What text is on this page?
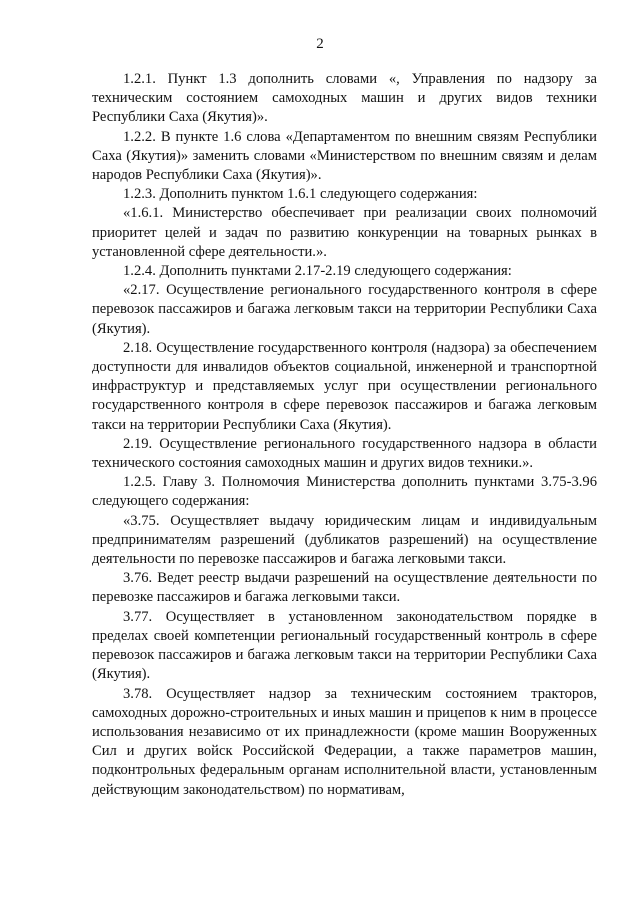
2

1.2.1. Пункт 1.3 дополнить словами «, Управления по надзору за техническим состоянием самоходных машин и других видов техники Республики Саха (Якутия)».

1.2.2. В пункте 1.6 слова «Департаментом по внешним связям Республики Саха (Якутия)» заменить словами «Министерством по внешним связям и делам народов Республики Саха (Якутия)».

1.2.3. Дополнить пунктом 1.6.1 следующего содержания:

«1.6.1. Министерство обеспечивает при реализации своих полномочий приоритет целей и задач по развитию конкуренции на товарных рынках в установленной сфере деятельности.».

1.2.4. Дополнить пунктами 2.17-2.19 следующего содержания:

«2.17. Осуществление регионального государственного контроля в сфере перевозок пассажиров и багажа легковым такси на территории Республики Саха (Якутия).

2.18. Осуществление государственного контроля (надзора) за обеспечением доступности для инвалидов объектов социальной, инженерной и транспортной инфраструктур и представляемых услуг при осуществлении регионального государственного контроля в сфере перевозок пассажиров и багажа легковым такси на территории Республики Саха (Якутия).

2.19. Осуществление регионального государственного надзора в области технического состояния самоходных машин и других видов техники.».

1.2.5. Главу 3. Полномочия Министерства дополнить пунктами 3.75-3.96 следующего содержания:

«3.75. Осуществляет выдачу юридическим лицам и индивидуальным предпринимателям разрешений (дубликатов разрешений) на осуществление деятельности по перевозке пассажиров и багажа легковыми такси.

3.76. Ведет реестр выдачи разрешений на осуществление деятельности по перевозке пассажиров и багажа легковыми такси.

3.77. Осуществляет в установленном законодательством порядке в пределах своей компетенции региональный государственный контроль в сфере перевозок пассажиров и багажа легковым такси на территории Республики Саха (Якутия).

3.78. Осуществляет надзор за техническим состоянием тракторов, самоходных дорожно-строительных и иных машин и прицепов к ним в процессе использования независимо от их принадлежности (кроме машин Вооруженных Сил и других войск Российской Федерации, а также параметров машин, подконтрольных федеральным органам исполнительной власти, установленным действующим законодательством) по нормативам,
